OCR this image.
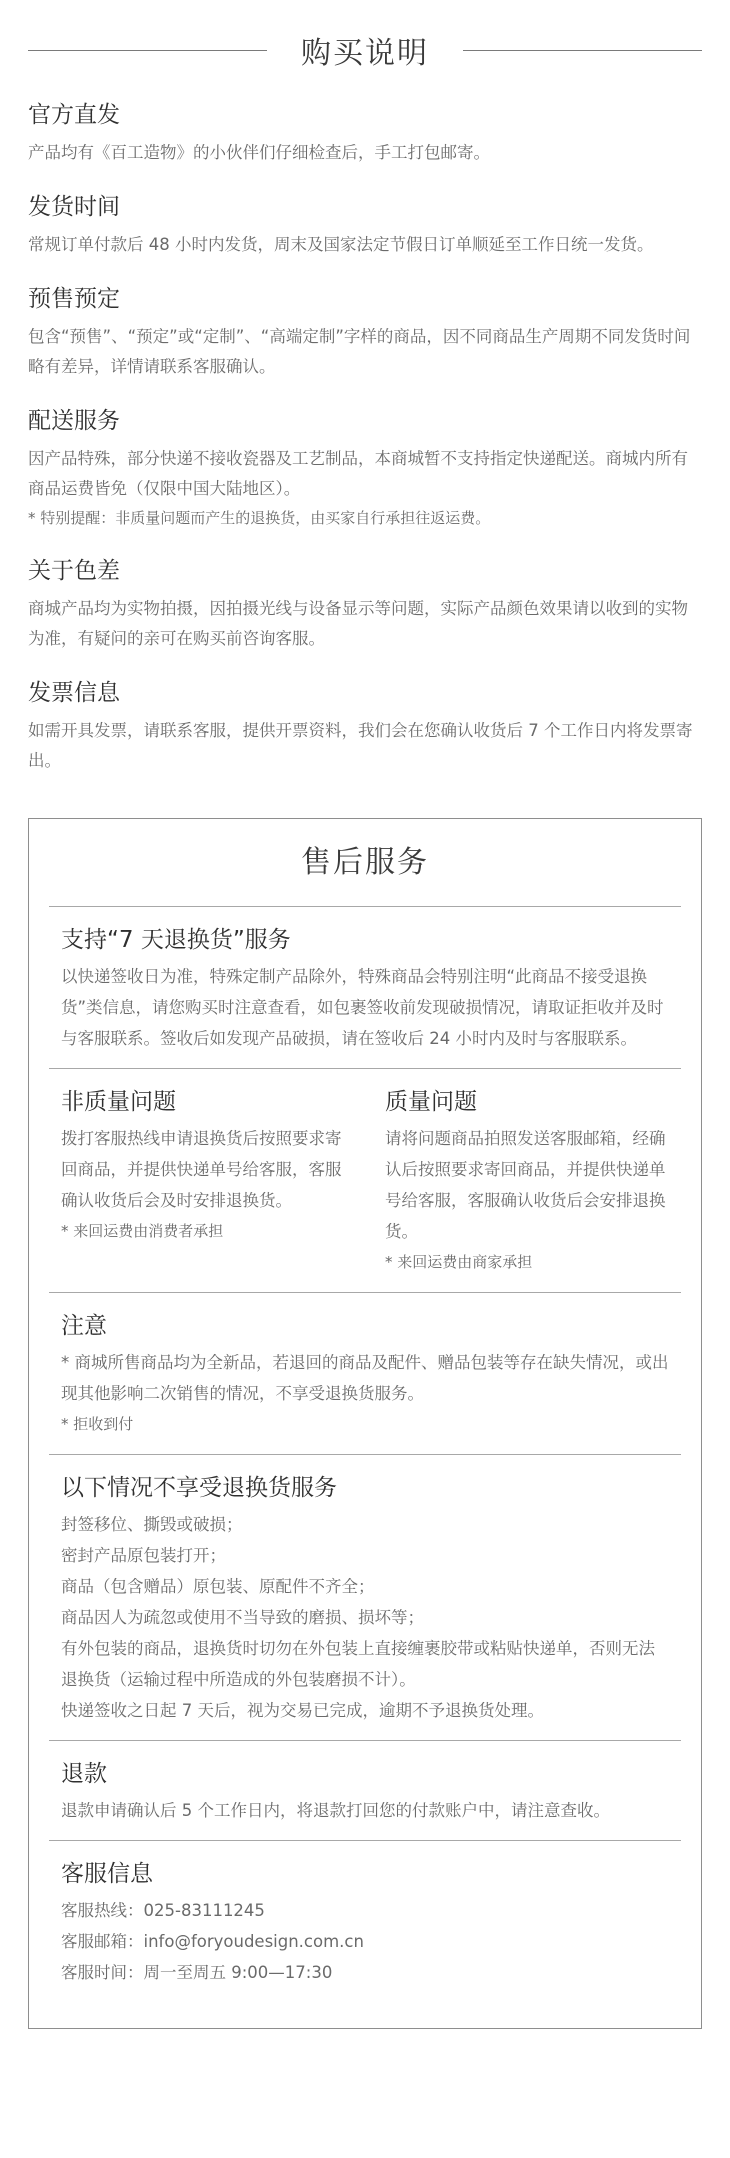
购买说明
官方直发

产品均有《百工造物》的小伙伴们仔细检查后，手工打包邮寄。

发货时间

常规订单付款后 48 小时内发货，周末及国家法定节假日订单顺延至工作日统一发货。

预售预定

包含“预售”、“预定”或“定制”、“高端定制”字样的商品，因不同商品生产周期不同发货时间略有差异，详情请联系客服确认。

配送服务

因产品特殊，部分快递不接收瓷器及工艺制品，本商城暂不支持指定快递配送。商城内所有商品运费皆免（仅限中国大陆地区）。

* 特别提醒：非质量问题而产生的退换货，由买家自行承担往返运费。

关于色差

商城产品均为实物拍摄，因拍摄光线与设备显示等问题，实际产品颜色效果请以收到的实物为准，有疑问的亲可在购买前咨询客服。

发票信息

如需开具发票，请联系客服，提供开票资料，我们会在您确认收货后 7 个工作日内将发票寄出。

售后服务
支持“7 天退换货”服务

以快递签收日为准，特殊定制产品除外，特殊商品会特别注明“此商品不接受退换货”类信息，请您购买时注意查看，如包裹签收前发现破损情况，请取证拒收并及时与客服联系。签收后如发现产品破损，请在签收后 24 小时内及时与客服联系。

非质量问题

拨打客服热线申请退换货后按照要求寄回商品，并提供快递单号给客服，客服确认收货后会及时安排退换货。

* 来回运费由消费者承担

质量问题

请将问题商品拍照发送客服邮箱，经确认后按照要求寄回商品，并提供快递单号给客服，客服确认收货后会安排退换货。

* 来回运费由商家承担

注意

* 商城所售商品均为全新品，若退回的商品及配件、赠品包装等存在缺失情况，或出现其他影响二次销售的情况，不享受退换货服务。

* 拒收到付

以下情况不享受退换货服务

封签移位、撕毁或破损；
密封产品原包装打开；
商品（包含赠品）原包装、原配件不齐全；
商品因人为疏忽或使用不当导致的磨损、损坏等；
有外包装的商品，退换货时切勿在外包装上直接缠裹胶带或粘贴快递单，否则无法退换货（运输过程中所造成的外包装磨损不计）。
快递签收之日起 7 天后，视为交易已完成，逾期不予退换货处理。

退款

退款申请确认后 5 个工作日内，将退款打回您的付款账户中，请注意查收。

客服信息

客服热线：025-83111245
客服邮箱：info@foryoudesign.com.cn
客服时间：周一至周五 9:00—17:30
